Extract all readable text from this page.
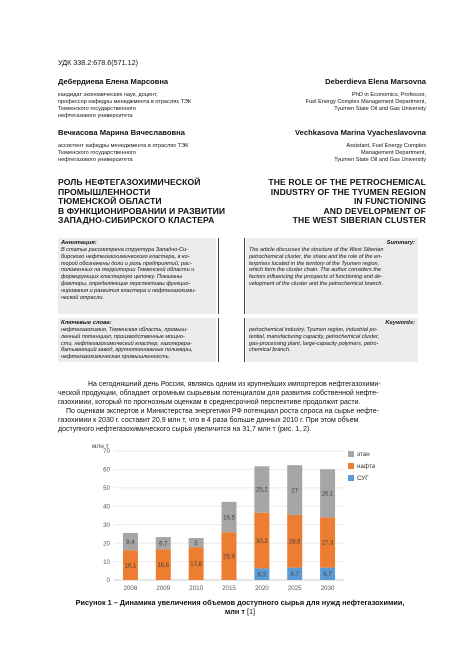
УДК 338.2:678.6(571.12)
Дебердиева Елена Марсовна
кандидат экономических наук, доцент,
профессор кафедры менеджмента в отраслях ТЭК
Тюменского государственного
нефтегазового университета
Вечкасова Марина Вячеславовна
ассистент кафедры менеджмента в отраслях ТЭК
Тюменского государственного
нефтегазового университета
Deberdieva Elena Marsovna
PhD in Economics, Professor,
Fuel Energy Complex Management Department,
Tyumen State Oil and Gas University
Vechkasova Marina Vyacheslavovna
Assistant, Fuel Energy Complex
Management Department,
Tyumen State Oil and Gas University
РОЛЬ НЕФТЕГАЗОХИМИЧЕСКОЙ
ПРОМЫШЛЕННОСТИ
ТЮМЕНСКОЙ ОБЛАСТИ
В ФУНКЦИОНИРОВАНИИ И РАЗВИТИИ
ЗАПАДНО-СИБИРСКОГО КЛАСТЕРА
THE ROLE OF THE PETROCHEMICAL
INDUSTRY OF THE TYUMEN REGION
IN FUNCTIONING
AND DEVELOPMENT OF
THE WEST SIBERIAN CLUSTER
Аннотация:
В статье рассмотрена структура Западно-Си-
бирского нефтегазохимического кластера, в ко-
торой обозначены доли и роль предприятий, рас-
положенных на территории Тюменской области и
формирующих кластерную цепочку. Показаны
факторы, определяющие перспективы функцио-
нирования и развития кластера и нефтегазохими-
ческой отрасли.
Summary:
The article discusses the structure of the West Siberian
petrochemical cluster, the share and the role of the en-
terprises located in the territory of the Tyumen region,
which form the cluster chain. The author considers the
factors influencing the prospects of functioning and de-
velopment of the cluster and the petrochemical branch.
Ключевые слова:
нефтегазохимия, Тюменская область, промыш-
ленный потенциал, производственные мощно-
сти, нефтегазохимический кластер, газоперера-
батывающий завод, крупнотоннажные полимеры,
нефтегазохимическая промышленность.
Keywords:
petrochemical industry, Tyumen region, industrial po-
tential, manufacturing capacity, petrochemical cluster,
gas-processing plant, large-capacity polymers, petro-
chemical branch.
На сегодняшний день Россия, являясь одним из крупнейших импортеров нефтегазохими-
ческой продукции, обладает огромным сырьевым потенциалом для развития собственной нефте-
газохимии, который по прогнозным оценкам в среднесрочной перспективе продолжит расти.
По оценкам экспертов и Министерства энергетики РФ потенциал роста спроса на сырье нефте-
газохимии к 2030 г. составит 20,9 млн т, что в 4 раза больше данных 2010 г. При этом объем
доступного нефтегазохимического сырья увеличится на 31,7 млн т (рис. 1, 2).
млн т
16,1
9,4
16,6
6,7
17,8
5
25,9
16,5
6,3
30,2
25,2
6,7
28,6
27
6,7
27,3
26,1
0
10
20
30
40
50
60
70
2008	2009	2010	2015	2020	2025	2030
этан
нафта
СУГ
Рисунок 1 – Динамика увеличения объемов доступного сырья для нужд нефтегазохимии,
млн т [1]
